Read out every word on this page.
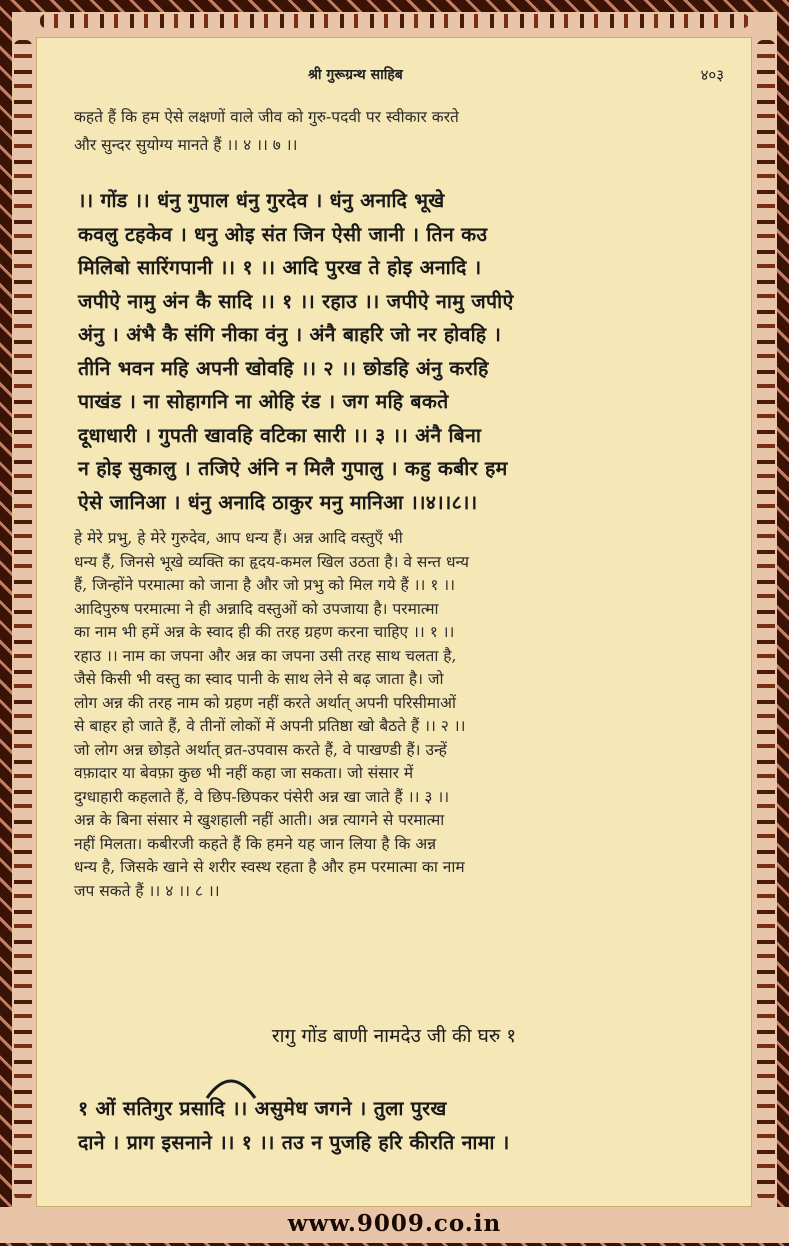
श्री गुरूग्रन्थ साहिब	४०३
कहते हैं कि हम ऐसे लक्षणों वाले जीव को गुरु-पदवी पर स्वीकार करते
और सुन्दर सुयोग्य मानते हैं ।। ४ ।। ७ ।।
।। गोंड ।। धंनु गुपाल धंनु गुरदेव । धंनु अनादि भूखे
कवलु टहकेव । धनु ओइ संत जिन ऐसी जानी । तिन कउ
मिलिबो सारिंगपानी ।। १ ।। आदि पुरख ते होइ अनादि ।
जपीऐ नामु अंन कै सादि ।। १ ।। रहाउ ।। जपीऐ नामु जपीऐ
अंनु । अंभै कै संगि नीका वंनु । अंनै बाहरि जो नर होवहि ।
तीनि भवन महि अपनी खोवहि ।। २ ।। छोडहि अंनु करहि
पाखंड । ना सोहागनि ना ओहि रंड । जग महि बकते
दूधाधारी । गुपती खावहि वटिका सारी ।। ३ ।। अंनै बिना
न होइ सुकालु । तजिऐ अंनि न मिलै गुपालु । कहु कबीर हम
ऐसे जानिआ । धंनु अनादि ठाकुर मनु मानिआ ।।४।।८।।
हे मेरे प्रभु, हे मेरे गुरुदेव, आप धन्य हैं। अन्न आदि वस्तुएँ भी
धन्य हैं, जिनसे भूखे व्यक्ति का हृदय-कमल खिल उठता है। वे सन्त धन्य
हैं, जिन्होंने परमात्मा को जाना है और जो प्रभु को मिल गये हैं ।। १ ।।
आदिपुरुष परमात्मा ने ही अन्नादि वस्तुओं को उपजाया है। परमात्मा
का नाम भी हमें अन्न के स्वाद ही की तरह ग्रहण करना चाहिए ।। १ ।।
रहाउ ।। नाम का जपना और अन्न का जपना उसी तरह साथ चलता है,
जैसे किसी भी वस्तु का स्वाद पानी के साथ लेने से बढ़ जाता है। जो
लोग अन्न की तरह नाम को ग्रहण नहीं करते अर्थात् अपनी परिसीमाओं
से बाहर हो जाते हैं, वे तीनों लोकों में अपनी प्रतिष्ठा खो बैठते हैं ।। २ ।।
जो लोग अन्न छोड़ते अर्थात् व्रत-उपवास करते हैं, वे पाखण्डी हैं। उन्हें
वफ़ादार या बेवफ़ा कुछ भी नहीं कहा जा सकता। जो संसार में
दुग्धाहारी कहलाते हैं, वे छिप-छिपकर पंसेरी अन्न खा जाते हैं ।। ३ ।।
अन्न के बिना संसार मे खुशहाली नहीं आती। अन्न त्यागने से परमात्मा
नहीं मिलता। कबीरजी कहते हैं कि हमने यह जान लिया है कि अन्न
धन्य है, जिसके खाने से शरीर स्वस्थ रहता है और हम परमात्मा का नाम
जप सकते हैं ।। ४ ।। ८ ।।
रागु गोंड बाणी नामदेउ जी की घरु १
१ ओं सतिगुर प्रसादि ।। असुमेध जगने । तुला पुरख
दाने । प्राग इसनाने ।। १ ।। तउ न पुजहि हरि कीरति नामा ।
www.9009.co.in
